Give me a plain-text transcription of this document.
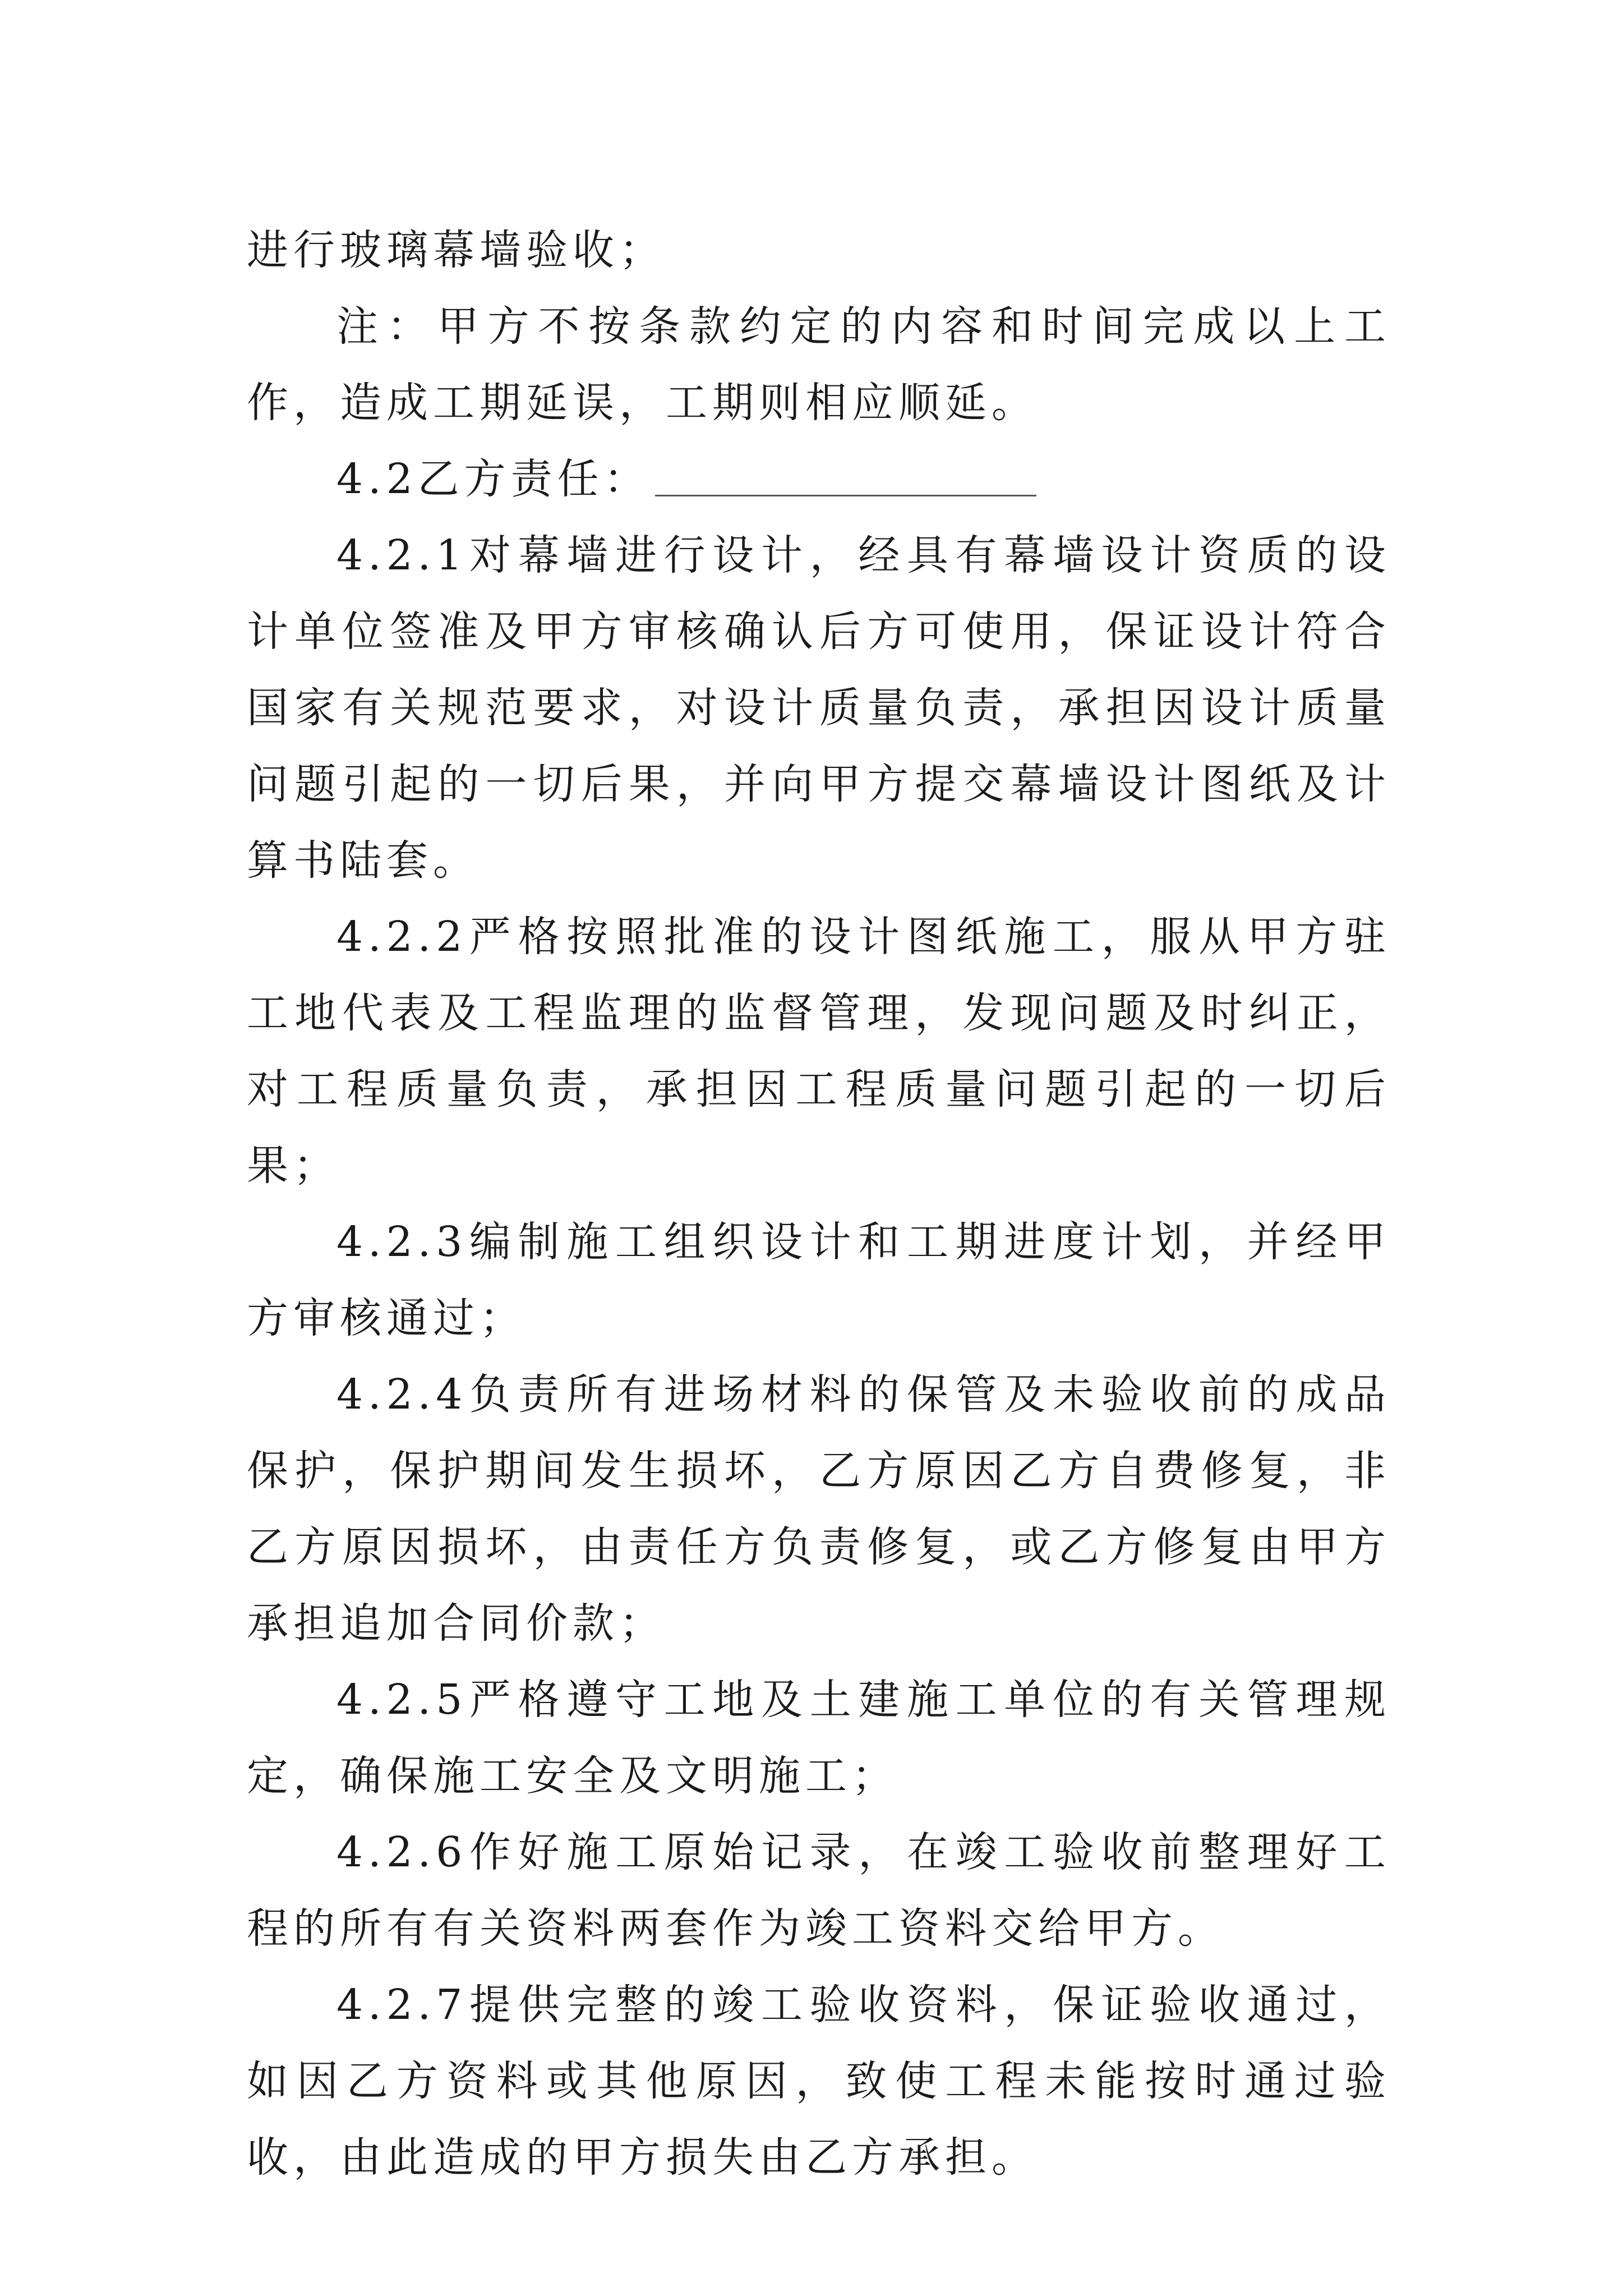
进行玻璃幕墙验收；

注：甲方不按条款约定的内容和时间完成以上工作，造成工期延误，工期则相应顺延。

4.2乙方责任：

4.2.1对幕墙进行设计，经具有幕墙设计资质的设计单位签准及甲方审核确认后方可使用，保证设计符合国家有关规范要求，对设计质量负责，承担因设计质量问题引起的一切后果，并向甲方提交幕墙设计图纸及计算书陆套。

4.2.2严格按照批准的设计图纸施工，服从甲方驻工地代表及工程监理的监督管理，发现问题及时纠正，对工程质量负责，承担因工程质量问题引起的一切后果；

4.2.3编制施工组织设计和工期进度计划，并经甲方审核通过；

4.2.4负责所有进场材料的保管及未验收前的成品保护，保护期间发生损坏，乙方原因乙方自费修复，非乙方原因损坏，由责任方负责修复，或乙方修复由甲方承担追加合同价款；

4.2.5严格遵守工地及土建施工单位的有关管理规定，确保施工安全及文明施工；

4.2.6作好施工原始记录，在竣工验收前整理好工程的所有有关资料两套作为竣工资料交给甲方。

4.2.7提供完整的竣工验收资料，保证验收通过，如因乙方资料或其他原因，致使工程未能按时通过验收，由此造成的甲方损失由乙方承担。
